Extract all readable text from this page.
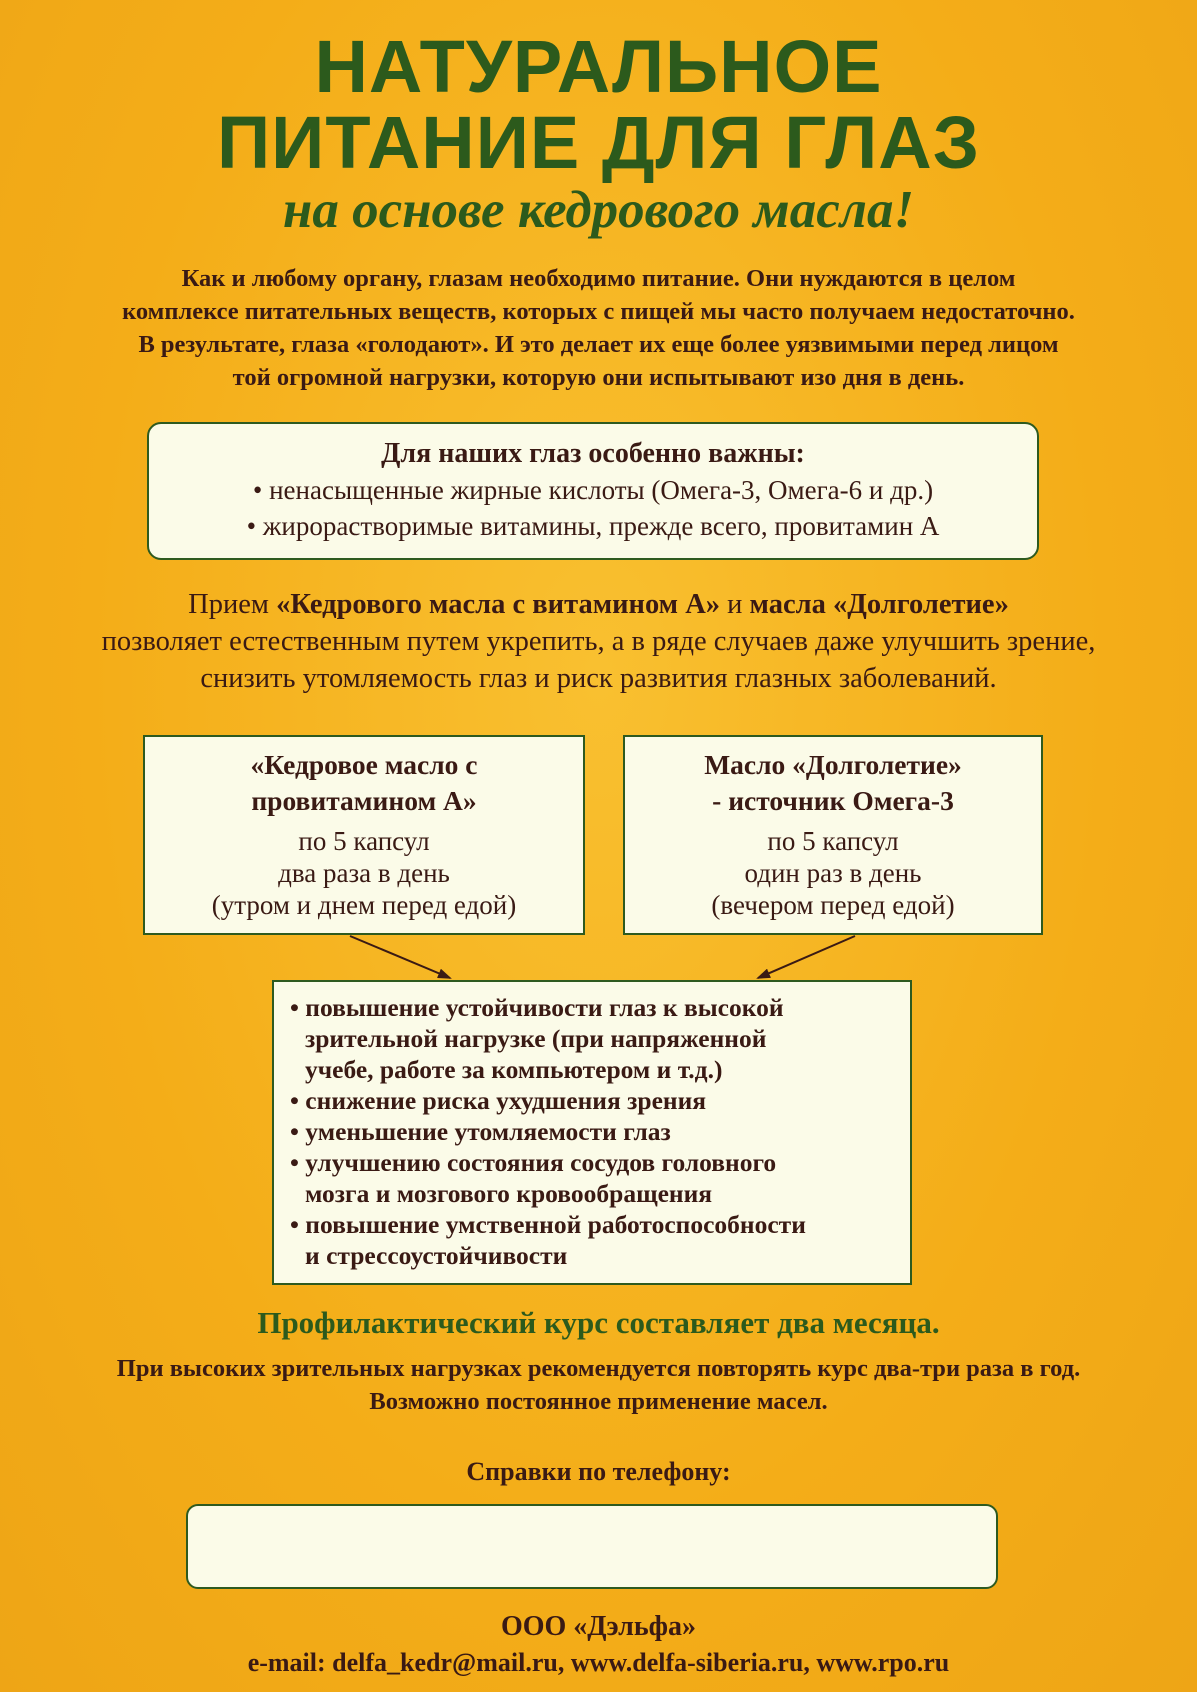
НАТУРАЛЬНОЕ
ПИТАНИЕ ДЛЯ ГЛАЗ
на основе кедрового масла!
Как и любому органу, глазам необходимо питание. Они нуждаются в целом
комплексе питательных веществ, которых с пищей мы часто получаем недостаточно.
В результате, глаза «голодают». И это делает их еще более уязвимыми перед лицом
той огромной нагрузки, которую они испытывают изо дня в день.
Для наших глаз особенно важны:
• ненасыщенные жирные кислоты (Омега-3, Омега-6 и др.)
• жирорастворимые витамины, прежде всего, провитамин А
Прием «Кедрового масла с витамином А» и масла «Долголетие»
позволяет естественным путем укрепить, а в ряде случаев даже улучшить зрение,
снизить утомляемость глаз и риск развития глазных заболеваний.
«Кедровое масло с
провитамином А»
по 5 капсул
два раза в день
(утром и днем перед едой)
Масло «Долголетие»
- источник Омега-3
по 5 капсул
один раз в день
(вечером перед едой)
• повышение устойчивости глаз к высокой
зрительной нагрузке (при напряженной
учебе, работе за компьютером и т.д.)
• снижение риска ухудшения зрения
• уменьшение утомляемости глаз
• улучшению состояния сосудов головного
мозга и мозгового кровообращения
• повышение умственной работоспособности
и стрессоустойчивости
Профилактический курс составляет два месяца.
При высоких зрительных нагрузках рекомендуется повторять курс два-три раза в год.
Возможно постоянное применение масел.
Справки по телефону:
ООО «Дэльфа»
e-mail: delfa_kedr@mail.ru, www.delfa-siberia.ru, www.rpo.ru
